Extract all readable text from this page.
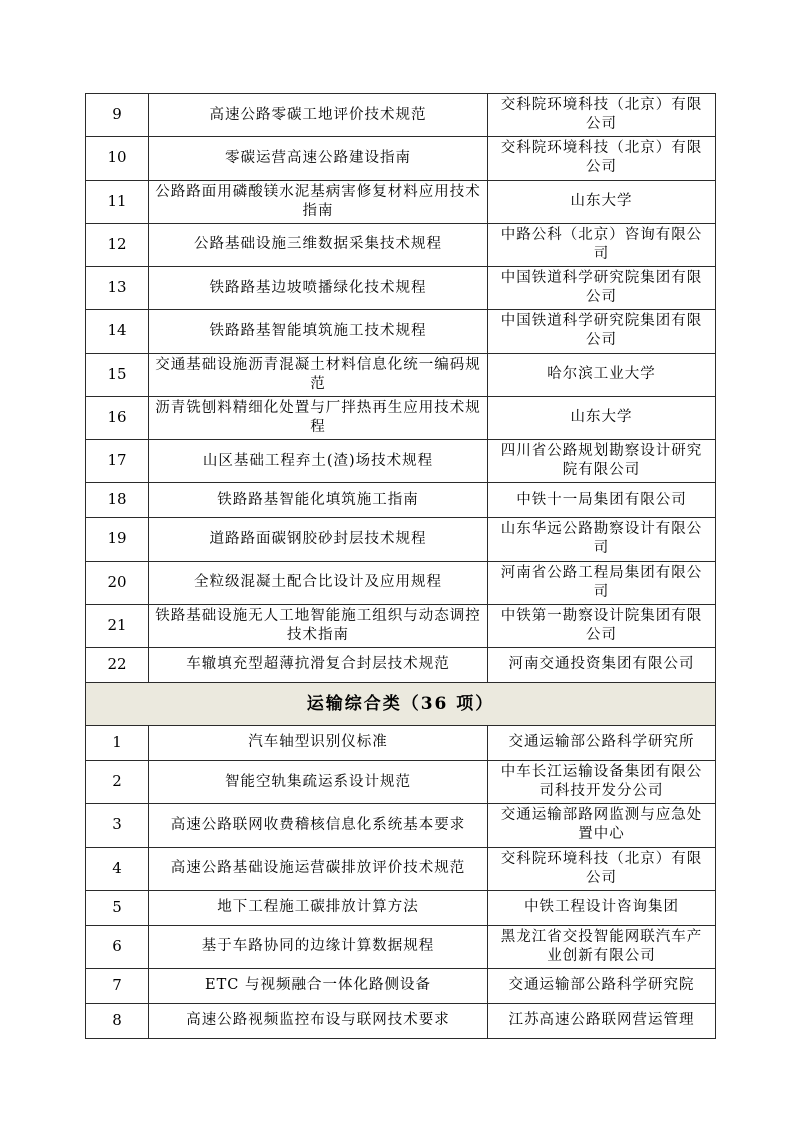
9	高速公路零碳工地评价技术规范	交科院环境科技（北京）有限公司
10	零碳运营高速公路建设指南	交科院环境科技（北京）有限公司
11	公路路面用磷酸镁水泥基病害修复材料应用技术指南	山东大学
12	公路基础设施三维数据采集技术规程	中路公科（北京）咨询有限公司
13	铁路路基边坡喷播绿化技术规程	中国铁道科学研究院集团有限公司
14	铁路路基智能填筑施工技术规程	中国铁道科学研究院集团有限公司
15	交通基础设施沥青混凝土材料信息化统一编码规范	哈尔滨工业大学
16	沥青铣刨料精细化处置与厂拌热再生应用技术规程	山东大学
17	山区基础工程弃土(渣)场技术规程	四川省公路规划勘察设计研究院有限公司
18	铁路路基智能化填筑施工指南	中铁十一局集团有限公司
19	道路路面碳钢胶砂封层技术规程	山东华远公路勘察设计有限公司
20	全粒级混凝土配合比设计及应用规程	河南省公路工程局集团有限公司
21	铁路基础设施无人工地智能施工组织与动态调控技术指南	中铁第一勘察设计院集团有限公司
22	车辙填充型超薄抗滑复合封层技术规范	河南交通投资集团有限公司
运输综合类（36 项）		
1	汽车轴型识别仪标准	交通运输部公路科学研究所
2	智能空轨集疏运系设计规范	中车长江运输设备集团有限公司科技开发分公司
3	高速公路联网收费稽核信息化系统基本要求	交通运输部路网监测与应急处置中心
4	高速公路基础设施运营碳排放评价技术规范	交科院环境科技（北京）有限公司
5	地下工程施工碳排放计算方法	中铁工程设计咨询集团
6	基于车路协同的边缘计算数据规程	黑龙江省交投智能网联汽车产业创新有限公司
7	ETC 与视频融合一体化路侧设备	交通运输部公路科学研究院
8	高速公路视频监控布设与联网技术要求	江苏高速公路联网营运管理
